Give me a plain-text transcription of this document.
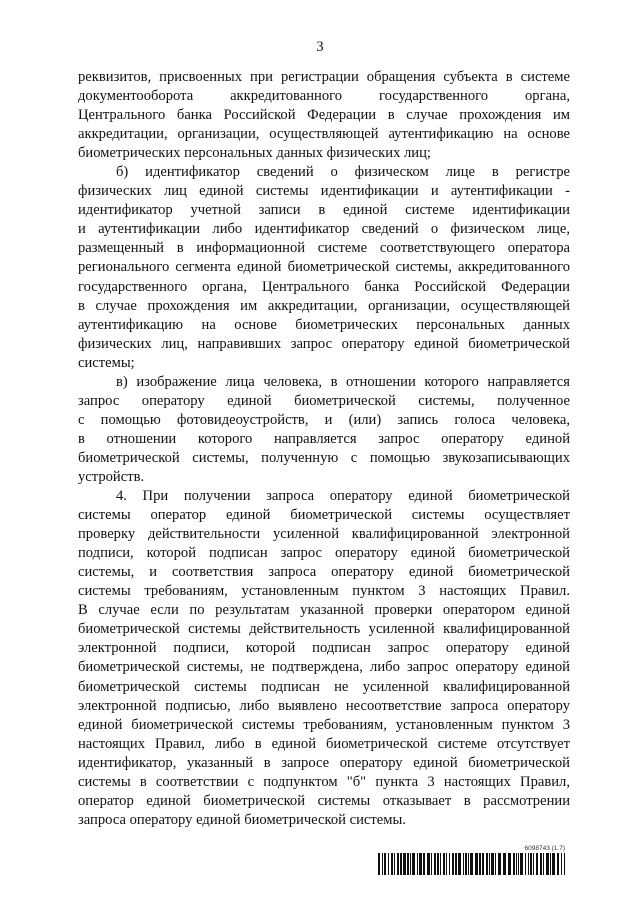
3
реквизитов, присвоенных при регистрации обращения субъекта в системе
документооборота аккредитованного государственного органа,
Центрального банка Российской Федерации в случае прохождения им
аккредитации, организации, осуществляющей аутентификацию на основе
биометрических персональных данных физических лиц;
б) идентификатор сведений о физическом лице в регистре
физических лиц единой системы идентификации и аутентификации -
идентификатор учетной записи в единой системе идентификации
и аутентификации либо идентификатор сведений о физическом лице,
размещенный в информационной системе соответствующего оператора
регионального сегмента единой биометрической системы, аккредитованного
государственного органа, Центрального банка Российской Федерации
в случае прохождения им аккредитации, организации, осуществляющей
аутентификацию на основе биометрических персональных данных
физических лиц, направивших запрос оператору единой биометрической
системы;
в) изображение лица человека, в отношении которого направляется
запрос оператору единой биометрической системы, полученное
с помощью фотовидеоустройств, и (или) запись голоса человека,
в отношении которого направляется запрос оператору единой
биометрической системы, полученную с помощью звукозаписывающих
устройств.
4. При получении запроса оператору единой биометрической
системы оператор единой биометрической системы осуществляет
проверку действительности усиленной квалифицированной электронной
подписи, которой подписан запрос оператору единой биометрической
системы, и соответствия запроса оператору единой биометрической
системы требованиям, установленным пунктом 3 настоящих Правил.
В случае если по результатам указанной проверки оператором единой
биометрической системы действительность усиленной квалифицированной
электронной подписи, которой подписан запрос оператору единой
биометрической системы, не подтверждена, либо запрос оператору единой
биометрической системы подписан не усиленной квалифицированной
электронной подписью, либо выявлено несоответствие запроса оператору
единой биометрической системы требованиям, установленным пунктом 3
настоящих Правил, либо в единой биометрической системе отсутствует
идентификатор, указанный в запросе оператору единой биометрической
системы в соответствии с подпунктом "б" пункта 3 настоящих Правил,
оператор единой биометрической системы отказывает в рассмотрении
запроса оператору единой биометрической системы.
6098743 (1.7)
